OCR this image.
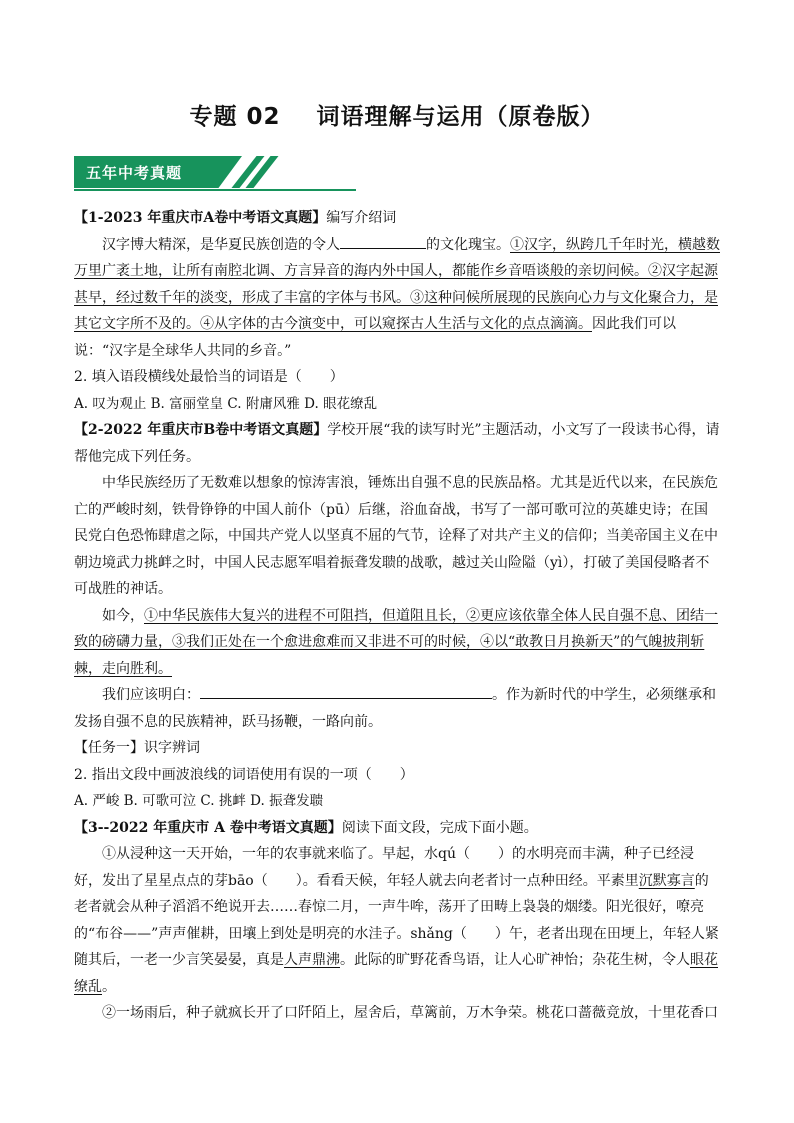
专题 02 词语理解与运用（原卷版）
五年中考真题

【1-2023 年重庆市A卷中考语文真题】编写介绍词

汉字博大精深，是华夏民族创造的令人	的文化瑰宝。①汉字，纵跨几千年时光，横越数万里广袤土地，让所有南腔北调、方言异音的海内外中国人，都能作乡音唔谈般的亲切问候。②汉字起源甚早，经过数千年的淡变，形成了丰富的字体与书风。③这种问候所展现的民族向心力与文化聚合力，是其它文字所不及的。④从字体的古今演变中，可以窥探古人生活与文化的点点滴滴。因此我们可以说：“汉字是全球华人共同的乡音。”

2. 填入语段横线处最恰当的词语是（　　）

A. 叹为观止 B. 富丽堂皇 C. 附庸风雅 D. 眼花缭乱

【2-2022 年重庆市B卷中考语文真题】学校开展“我的读写时光”主题活动，小文写了一段读书心得，请帮他完成下列任务。

中华民族经历了无数难以想象的惊涛害浪，锤炼出自强不息的民族品格。尤其是近代以来，在民族危亡的严峻时刻，铁骨铮铮的中国人前仆（pū）后继，浴血奋战，书写了一部可歌可泣的英雄史诗；在国民党白色恐怖肆虐之际，中国共产党人以坚真不屈的气节，诠释了对共产主义的信仰；当美帝国主义在中朝边境武力挑衅之时，中国人民志愿军唱着振聋发聩的战歌，越过关山险隘（yì），打破了美国侵略者不可战胜的神话。

如今，①中华民族伟大复兴的进程不可阻挡，但道阻且长，②更应该依靠全体人民自强不息、团结一致的磅礴力量，③我们正处在一个愈进愈难而又非进不可的时候，④以“敢教日月换新天”的气魄披荆斩棘，走向胜利。

我们应该明白：	。作为新时代的中学生，必须继承和发扬自强不息的民族精神，跃马扬鞭，一路向前。

【任务一】识字辨词

2. 指出文段中画波浪线的词语使用有误的一项（　　）

A. 严峻 B. 可歌可泣 C. 挑衅 D. 振聋发聩

【3--2022 年重庆市 A 卷中考语文真题】阅读下面文段，完成下面小题。

①从浸种这一天开始，一年的农事就来临了。早起，水qú（　　）的水明亮而丰满，种子已经浸好，发出了星星点点的芽bāo（　　）。看看天候，年轻人就去向老者讨一点种田经。平素里沉默寡言的老者就会从种子滔滔不绝说开去……春惊二月，一声牛哞，荡开了田畴上袅袅的烟缕。阳光很好，嘹亮的“布谷——”声声催耕，田壤上到处是明亮的水洼子。shǎng（　　）午，老者出现在田埂上，年轻人紧随其后，一老一少言笑晏晏，真是人声鼎沸。此际的旷野花香鸟语，让人心旷神怡；杂花生树，令人眼花缭乱。

②一场雨后，种子就疯长开了口阡陌上，屋舍后，草篱前，万木争荣。桃花口蔷薇竞放，十里花香口
